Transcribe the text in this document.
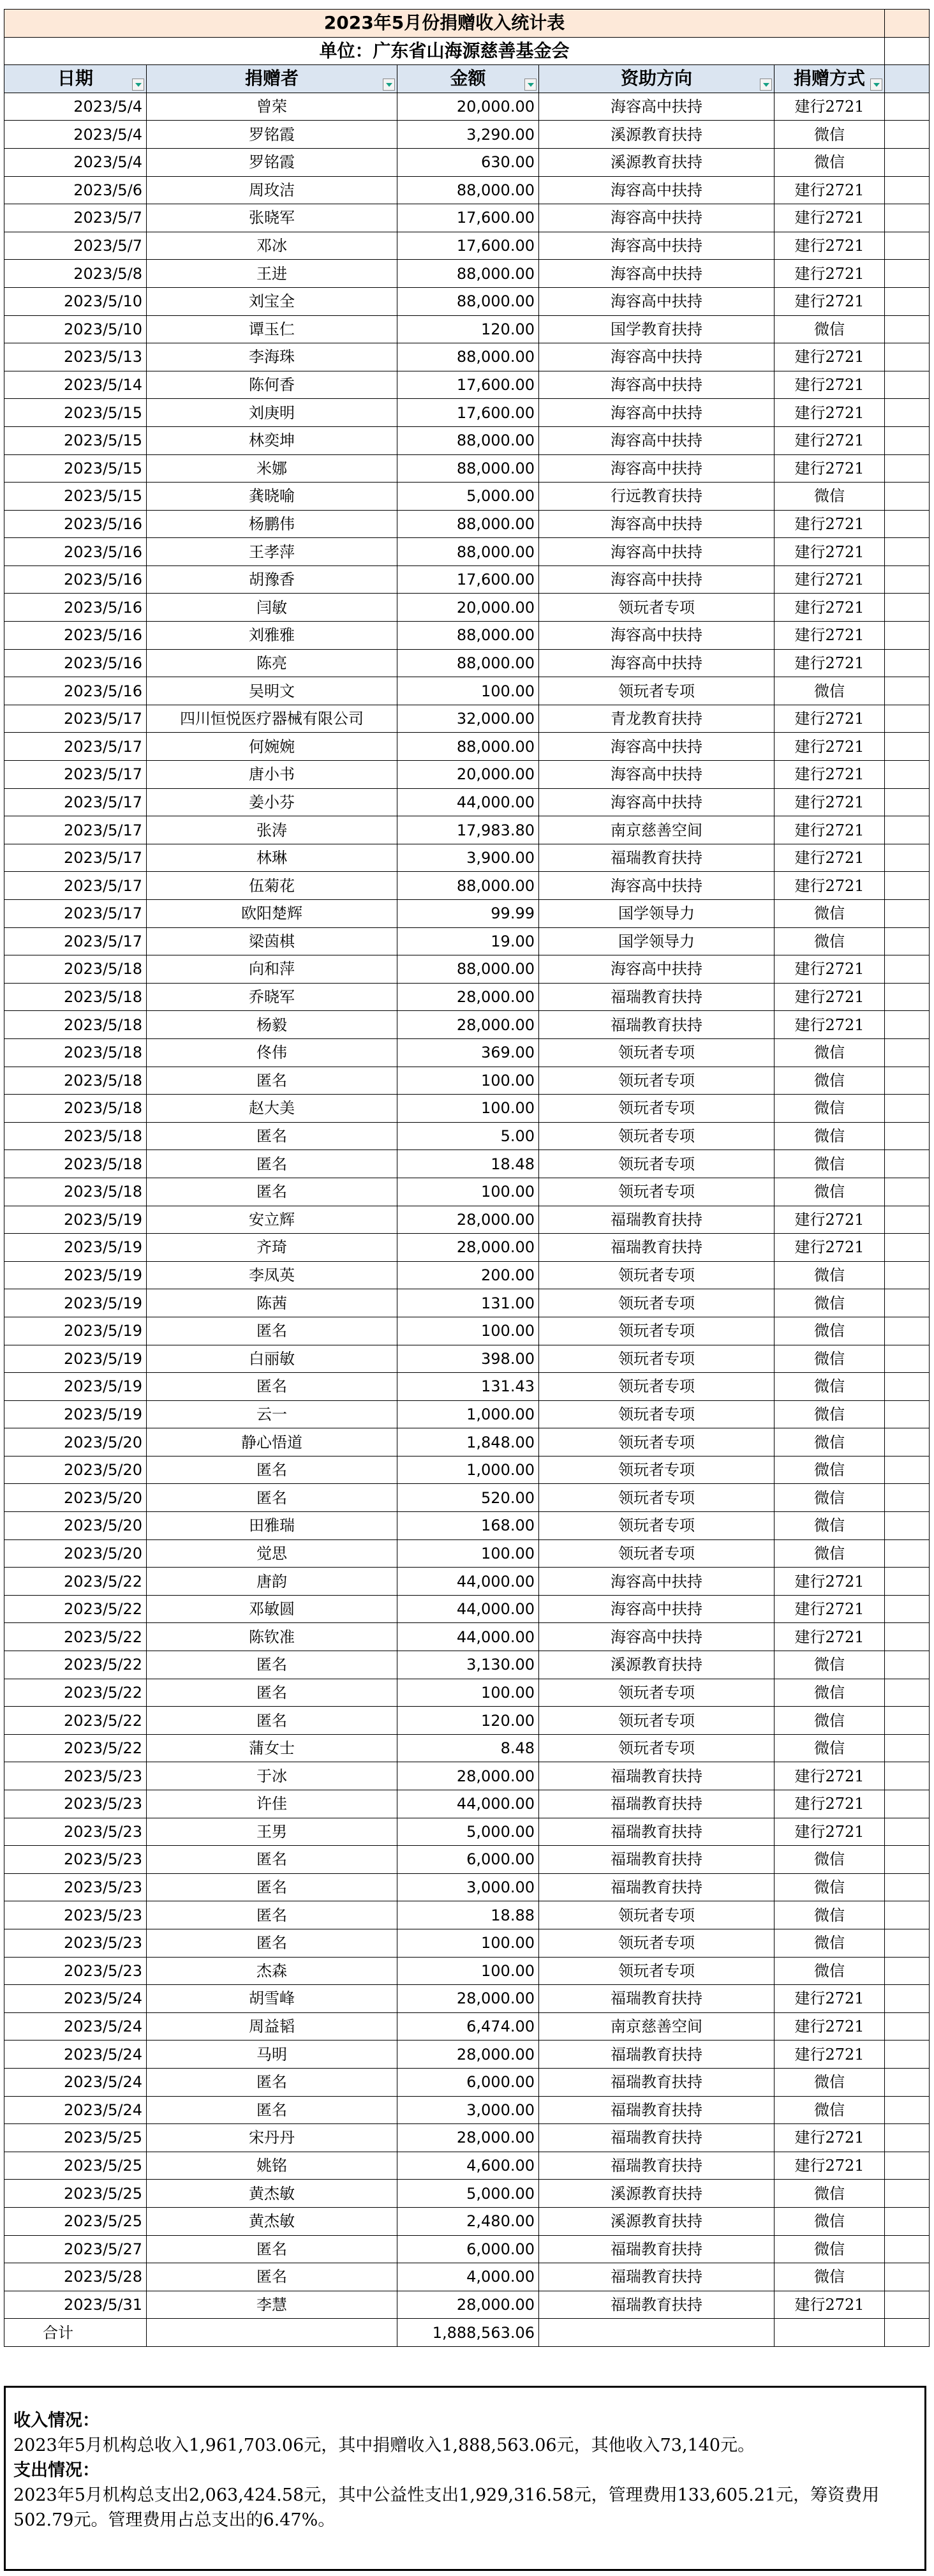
2023年5月份捐赠收入统计表					
单位：广东省山海源慈善基金会					
日期	捐赠者	金额	资助方向	捐赠方式

2023/5/4	曾荣	20,000.00	海容高中扶持	建行2721	
2023/5/4	罗铭霞	3,290.00	溪源教育扶持	微信	
2023/5/4	罗铭霞	630.00	溪源教育扶持	微信	
2023/5/6	周玫洁	88,000.00	海容高中扶持	建行2721	
2023/5/7	张晓军	17,600.00	海容高中扶持	建行2721	
2023/5/7	邓冰	17,600.00	海容高中扶持	建行2721	
2023/5/8	王进	88,000.00	海容高中扶持	建行2721	
2023/5/10	刘宝全	88,000.00	海容高中扶持	建行2721	
2023/5/10	谭玉仁	120.00	国学教育扶持	微信	
2023/5/13	李海珠	88,000.00	海容高中扶持	建行2721	
2023/5/14	陈何香	17,600.00	海容高中扶持	建行2721	
2023/5/15	刘庚明	17,600.00	海容高中扶持	建行2721	
2023/5/15	林奕坤	88,000.00	海容高中扶持	建行2721	
2023/5/15	米娜	88,000.00	海容高中扶持	建行2721	
2023/5/15	龚晓喻	5,000.00	行远教育扶持	微信	
2023/5/16	杨鹏伟	88,000.00	海容高中扶持	建行2721	
2023/5/16	王孝萍	88,000.00	海容高中扶持	建行2721	
2023/5/16	胡豫香	17,600.00	海容高中扶持	建行2721	
2023/5/16	闫敏	20,000.00	领玩者专项	建行2721	
2023/5/16	刘雅雅	88,000.00	海容高中扶持	建行2721	
2023/5/16	陈亮	88,000.00	海容高中扶持	建行2721	
2023/5/16	吴明文	100.00	领玩者专项	微信	
2023/5/17	四川恒悦医疗器械有限公司	32,000.00	青龙教育扶持	建行2721	
2023/5/17	何婉婉	88,000.00	海容高中扶持	建行2721	
2023/5/17	唐小书	20,000.00	海容高中扶持	建行2721	
2023/5/17	姜小芬	44,000.00	海容高中扶持	建行2721	
2023/5/17	张涛	17,983.80	南京慈善空间	建行2721	
2023/5/17	林琳	3,900.00	福瑞教育扶持	建行2721	
2023/5/17	伍菊花	88,000.00	海容高中扶持	建行2721	
2023/5/17	欧阳楚辉	99.99	国学领导力	微信	
2023/5/17	梁茵棋	19.00	国学领导力	微信	
2023/5/18	向和萍	88,000.00	海容高中扶持	建行2721	
2023/5/18	乔晓军	28,000.00	福瑞教育扶持	建行2721	
2023/5/18	杨毅	28,000.00	福瑞教育扶持	建行2721	
2023/5/18	佟伟	369.00	领玩者专项	微信	
2023/5/18	匿名	100.00	领玩者专项	微信	
2023/5/18	赵大美	100.00	领玩者专项	微信	
2023/5/18	匿名	5.00	领玩者专项	微信	
2023/5/18	匿名	18.48	领玩者专项	微信	
2023/5/18	匿名	100.00	领玩者专项	微信	
2023/5/19	安立辉	28,000.00	福瑞教育扶持	建行2721	
2023/5/19	齐琦	28,000.00	福瑞教育扶持	建行2721	
2023/5/19	李凤英	200.00	领玩者专项	微信	
2023/5/19	陈茜	131.00	领玩者专项	微信	
2023/5/19	匿名	100.00	领玩者专项	微信	
2023/5/19	白丽敏	398.00	领玩者专项	微信	
2023/5/19	匿名	131.43	领玩者专项	微信	
2023/5/19	云一	1,000.00	领玩者专项	微信	
2023/5/20	静心悟道	1,848.00	领玩者专项	微信	
2023/5/20	匿名	1,000.00	领玩者专项	微信	
2023/5/20	匿名	520.00	领玩者专项	微信	
2023/5/20	田雅瑞	168.00	领玩者专项	微信	
2023/5/20	觉思	100.00	领玩者专项	微信	
2023/5/22	唐韵	44,000.00	海容高中扶持	建行2721	
2023/5/22	邓敏圆	44,000.00	海容高中扶持	建行2721	
2023/5/22	陈钦准	44,000.00	海容高中扶持	建行2721	
2023/5/22	匿名	3,130.00	溪源教育扶持	微信	
2023/5/22	匿名	100.00	领玩者专项	微信	
2023/5/22	匿名	120.00	领玩者专项	微信	
2023/5/22	蒲女士	8.48	领玩者专项	微信	
2023/5/23	于冰	28,000.00	福瑞教育扶持	建行2721	
2023/5/23	许佳	44,000.00	福瑞教育扶持	建行2721	
2023/5/23	王男	5,000.00	福瑞教育扶持	建行2721	
2023/5/23	匿名	6,000.00	福瑞教育扶持	微信	
2023/5/23	匿名	3,000.00	福瑞教育扶持	微信	
2023/5/23	匿名	18.88	领玩者专项	微信	
2023/5/23	匿名	100.00	领玩者专项	微信	
2023/5/23	杰森	100.00	领玩者专项	微信	
2023/5/24	胡雪峰	28,000.00	福瑞教育扶持	建行2721	
2023/5/24	周益韬	6,474.00	南京慈善空间	建行2721	
2023/5/24	马明	28,000.00	福瑞教育扶持	建行2721	
2023/5/24	匿名	6,000.00	福瑞教育扶持	微信	
2023/5/24	匿名	3,000.00	福瑞教育扶持	微信	
2023/5/25	宋丹丹	28,000.00	福瑞教育扶持	建行2721	
2023/5/25	姚铭	4,600.00	福瑞教育扶持	建行2721	
2023/5/25	黄杰敏	5,000.00	溪源教育扶持	微信	
2023/5/25	黄杰敏	2,480.00	溪源教育扶持	微信	
2023/5/27	匿名	6,000.00	福瑞教育扶持	微信	
2023/5/28	匿名	4,000.00	福瑞教育扶持	微信	
2023/5/31	李慧	28,000.00	福瑞教育扶持	建行2721	
合计		1,888,563.06			
收入情况：
2023年5月机构总收入1,961,703.06元，其中捐赠收入1,888,563.06元，其他收入73,140元。
支出情况：
2023年5月机构总支出2,063,424.58元，其中公益性支出1,929,316.58元，管理费用133,605.21元，筹资费用502.79元。管理费用占总支出的6.47%。
